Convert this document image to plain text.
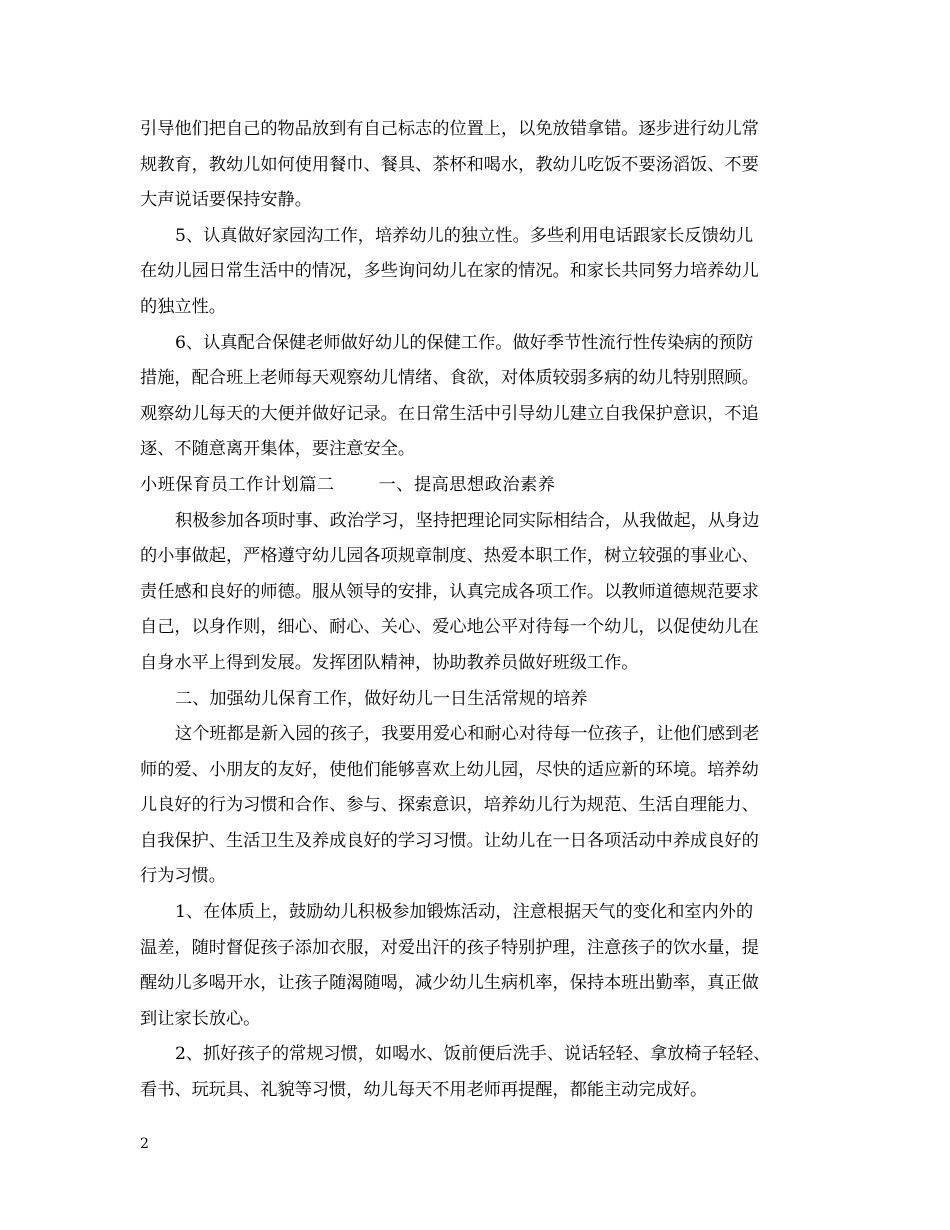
引导他们把自己的物品放到有自己标志的位置上，以免放错拿错。逐步进行幼儿常
规教育，教幼儿如何使用餐巾、餐具、茶杯和喝水，教幼儿吃饭不要汤滔饭、不要
大声说话要保持安静。
5、认真做好家园沟工作，培养幼儿的独立性。多些利用电话跟家长反馈幼儿
在幼儿园日常生活中的情况，多些询问幼儿在家的情况。和家长共同努力培养幼儿
的独立性。
6、认真配合保健老师做好幼儿的保健工作。做好季节性流行性传染病的预防
措施，配合班上老师每天观察幼儿情绪、食欲，对体质较弱多病的幼儿特别照顾。
观察幼儿每天的大便并做好记录。在日常生活中引导幼儿建立自我保护意识，不追
逐、不随意离开集体，要注意安全。
小班保育员工作计划篇二	一、提高思想政治素养
积极参加各项时事、政治学习，坚持把理论同实际相结合，从我做起，从身边
的小事做起，严格遵守幼儿园各项规章制度、热爱本职工作，树立较强的事业心、
责任感和良好的师德。服从领导的安排，认真完成各项工作。以教师道德规范要求
自己，以身作则，细心、耐心、关心、爱心地公平对待每一个幼儿，以促使幼儿在
自身水平上得到发展。发挥团队精神，协助教养员做好班级工作。
二、加强幼儿保育工作，做好幼儿一日生活常规的培养
这个班都是新入园的孩子，我要用爱心和耐心对待每一位孩子，让他们感到老
师的爱、小朋友的友好，使他们能够喜欢上幼儿园，尽快的适应新的环境。培养幼
儿良好的行为习惯和合作、参与、探索意识，培养幼儿行为规范、生活自理能力、
自我保护、生活卫生及养成良好的学习习惯。让幼儿在一日各项活动中养成良好的
行为习惯。
1、在体质上，鼓励幼儿积极参加锻炼活动，注意根据天气的变化和室内外的
温差，随时督促孩子添加衣服，对爱出汗的孩子特别护理，注意孩子的饮水量，提
醒幼儿多喝开水，让孩子随渴随喝，减少幼儿生病机率，保持本班出勤率，真正做
到让家长放心。
2、抓好孩子的常规习惯，如喝水、饭前便后洗手、说话轻轻、拿放椅子轻轻、
看书、玩玩具、礼貌等习惯，幼儿每天不用老师再提醒，都能主动完成好。
2
